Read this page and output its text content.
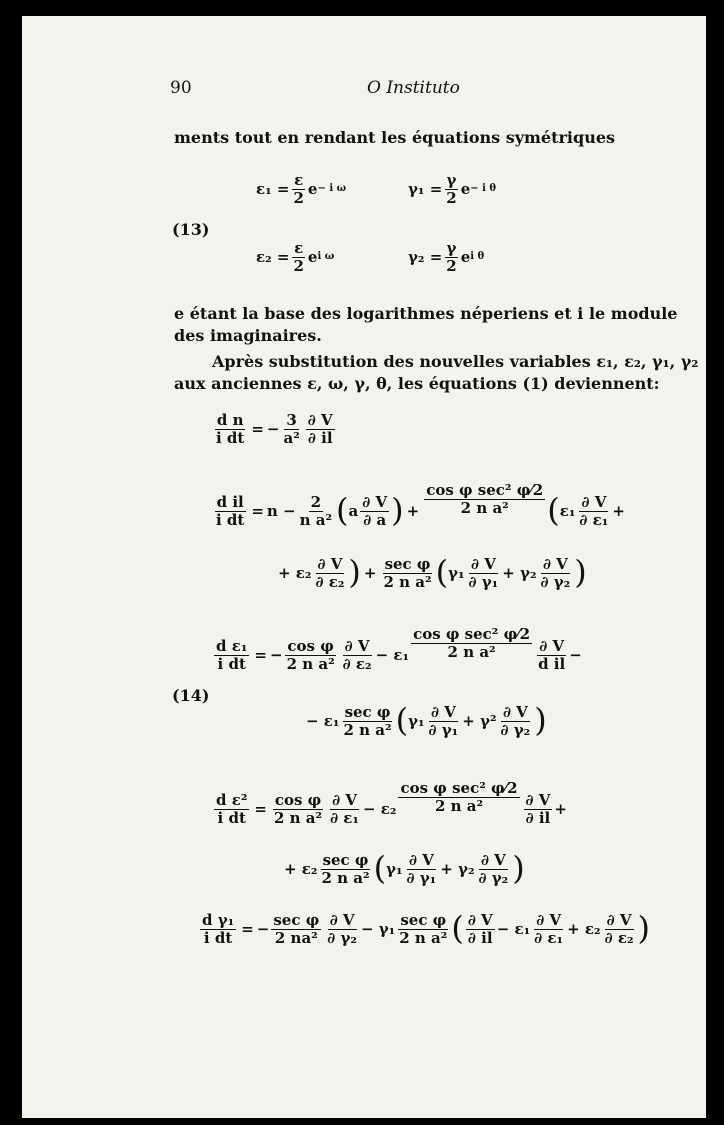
90	O Instituto
ments tout en rendant les équations symétriques
(13)
$\varepsilon_1 = \frac{\varepsilon}{2}$ e − i ω	$\gamma_1 = \frac{\gamma}{2}$ e − i θ
$\varepsilon_2 = \frac{\varepsilon}{2}$ e i ω	$\gamma_2 = \frac{\gamma}{2}$ e i θ
e étant la base des logarithmes néperiens et i le module
des imaginaires.
Après substitution des nouvelles variables ε₁, ε₂, γ₁, γ₂
aux anciennes ε, ω, γ, θ, les équations (1) deviennent:
(14)
$\frac{\text{d n}}{\text{i dt}}$ = − $\frac{3}{\text{a²}} \frac{\partial V}{\partial il}$
$\frac{\text{d il}}{\text{i dt}} = n - \frac{2}{\text{n a²}}$ ( a $\frac{\partial V}{\partial a}$ ) + $\frac{\text{cos φ sec² φ⁄2}}{\text{2 n a²}}$ ( $\varepsilon_1 \frac{\partial V}{\text{∂ ε₁}}$ +
+ $\varepsilon_2 \frac{\partial V}{\text{∂ ε₂}}$ ) + $\frac{\text{sec φ}}{\text{2 n a²}}$ ( $\gamma_1 \frac{\partial V}{\text{∂ γ₁}} + \gamma_2 \frac{\partial V}{\text{∂ γ₂}}$ )
$\frac{\text{d ε₁}}{\text{i dt}}$ = − $\frac{\text{cos φ}}{\text{2 n a²}} \frac{\partial V}{\text{∂ ε₂}} - \varepsilon_1 \frac{\text{cos φ sec² φ⁄2}}{\text{2 n a²}} \frac{\partial V}{\text{d il}}$ −
− $\varepsilon_1 \frac{\text{sec φ}}{\text{2 n a²}}$ ( $\gamma_1 \frac{\partial V}{\text{∂ γ₁}} + \gamma^2 \frac{\partial V}{\text{∂ γ₂}}$ )
$\frac{\text{d ε²}}{\text{i dt}} = \frac{\text{cos φ}}{\text{2 n a²}} \frac{\partial V}{\text{∂ ε₁}} - \varepsilon_2 \frac{\text{cos φ sec² φ⁄2}}{\text{2 n a²}} \frac{\partial V}{\partial il}$ +
+ $\varepsilon_2 \frac{\text{sec φ}}{\text{2 n a²}}$ ( $\gamma_1 \frac{\partial V}{\text{∂ γ₁}} + \gamma_2 \frac{\partial V}{\text{∂ γ₂}}$ )
$\frac{\text{d γ₁}}{\text{i dt}}$ = − $\frac{\text{sec φ}}{\text{2 na²}} \frac{\partial V}{\text{∂ γ₂}} - \gamma_1 \frac{\text{sec φ}}{\text{2 n a²}}$ ( $\frac{\partial V}{\partial il} - \varepsilon_1 \frac{\partial V}{\text{∂ ε₁}} + \varepsilon_2 \frac{\partial V}{\text{∂ ε₂}}$ )
